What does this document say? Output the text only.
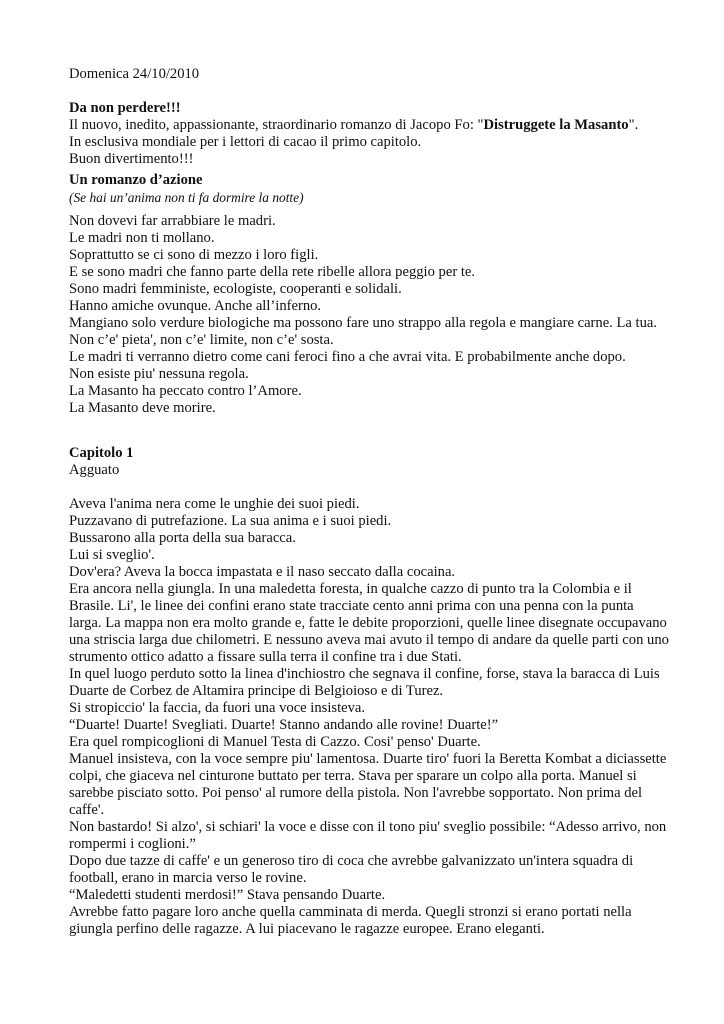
Domenica 24/10/2010
Da non perdere!!!
Il nuovo, inedito, appassionante, straordinario romanzo di Jacopo Fo: "Distruggete la Masanto".
In esclusiva mondiale per i lettori di cacao il primo capitolo.
Buon divertimento!!!
Un romanzo d’azione
(Se hai un’anima non ti fa dormire la notte)
Non dovevi far arrabbiare le madri.
Le madri non ti mollano.
Soprattutto se ci sono di mezzo i loro figli.
E se sono madri che fanno parte della rete ribelle allora peggio per te.
Sono madri femministe, ecologiste, cooperanti e solidali.
Hanno amiche ovunque. Anche all’inferno.
Mangiano solo verdure biologiche ma possono fare uno strappo alla regola e mangiare carne. La tua.
Non c’e' pieta', non c’e' limite, non c’e' sosta.
Le madri ti verranno dietro come cani feroci fino a che avrai vita. E probabilmente anche dopo.
Non esiste piu' nessuna regola.
La Masanto ha peccato contro l’Amore.
La Masanto deve morire.
Capitolo 1
Agguato
Aveva l'anima nera come le unghie dei suoi piedi.
Puzzavano di putrefazione. La sua anima e i suoi piedi.
Bussarono alla porta della sua baracca.
Lui si sveglio'.
Dov'era? Aveva la bocca impastata e il naso seccato dalla cocaina.
Era ancora nella giungla. In una maledetta foresta, in qualche cazzo di punto tra la Colombia e il Brasile. Li', le linee dei confini erano state tracciate cento anni prima con una penna con la punta larga. La mappa non era molto grande e, fatte le debite proporzioni, quelle linee disegnate occupavano una striscia larga due chilometri. E nessuno aveva mai avuto il tempo di andare da quelle parti con uno strumento ottico adatto a fissare sulla terra il confine tra i due Stati.
In quel luogo perduto sotto la linea d'inchiostro che segnava il confine, forse, stava la baracca di Luis Duarte de Corbez de Altamira principe di Belgioioso e di Turez.
Si stropiccio' la faccia, da fuori una voce insisteva.
“Duarte! Duarte! Svegliati. Duarte! Stanno andando alle rovine! Duarte!”
Era quel rompicoglioni di Manuel Testa di Cazzo. Cosi' penso' Duarte.
Manuel insisteva, con la voce sempre piu' lamentosa. Duarte tiro' fuori la Beretta Kombat a diciassette colpi, che giaceva nel cinturone buttato per terra. Stava per sparare un colpo alla porta. Manuel si sarebbe pisciato sotto. Poi penso' al rumore della pistola. Non l'avrebbe sopportato. Non prima del caffe'.
Non bastardo! Si alzo', si schiari' la voce e disse con il tono piu' sveglio possibile: “Adesso arrivo, non rompermi i coglioni.”
Dopo due tazze di caffe' e un generoso tiro di coca che avrebbe galvanizzato un'intera squadra di football, erano in marcia verso le rovine.
“Maledetti studenti merdosi!” Stava pensando Duarte.
Avrebbe fatto pagare loro anche quella camminata di merda. Quegli stronzi si erano portati nella giungla perfino delle ragazze. A lui piacevano le ragazze europee. Erano eleganti.
